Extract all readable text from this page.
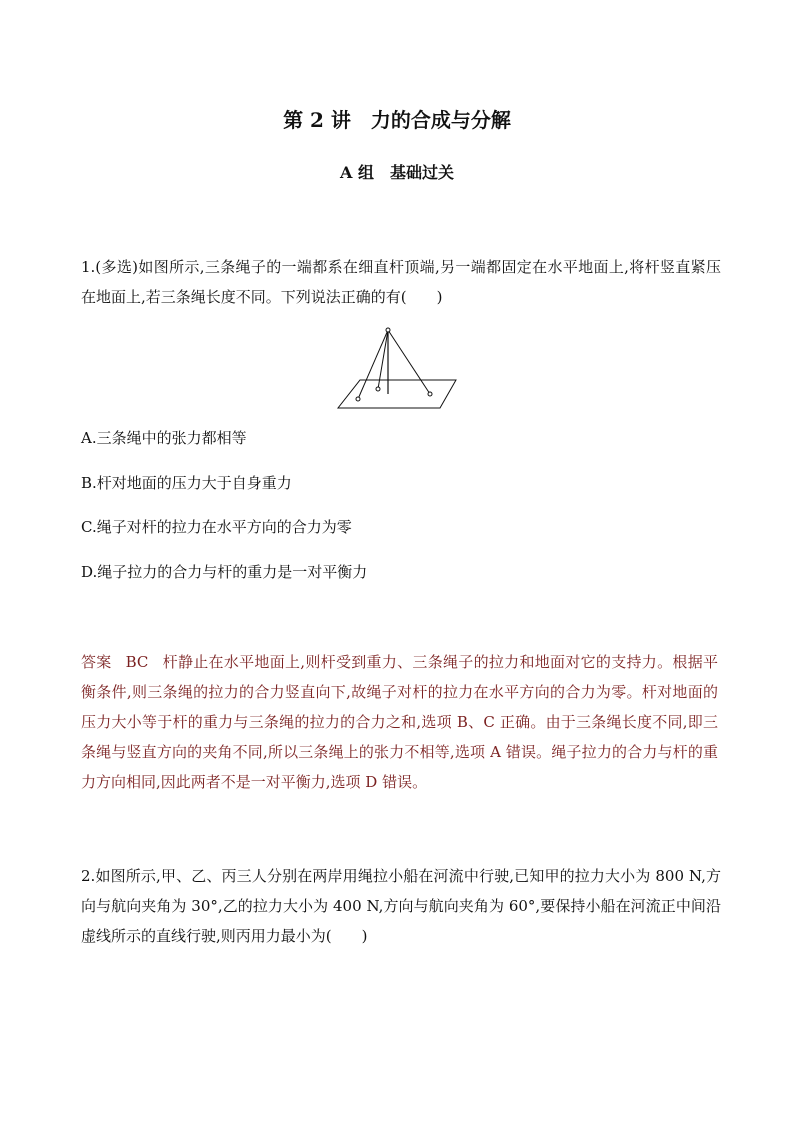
第 2 讲　力的合成与分解
A 组　基础过关

1.(多选)如图所示,三条绳子的一端都系在细直杆顶端,另一端都固定在水平地面上,将杆竖直紧压在地面上,若三条绳长度不同。下列说法正确的有(　　)

A.三条绳中的张力都相等
B.杆对地面的压力大于自身重力
C.绳子对杆的拉力在水平方向的合力为零
D.绳子拉力的合力与杆的重力是一对平衡力

答案 BC 杆静止在水平地面上,则杆受到重力、三条绳子的拉力和地面对它的支持力。根据平衡条件,则三条绳的拉力的合力竖直向下,故绳子对杆的拉力在水平方向的合力为零。杆对地面的压力大小等于杆的重力与三条绳的拉力的合力之和,选项 B、C 正确。由于三条绳长度不同,即三条绳与竖直方向的夹角不同,所以三条绳上的张力不相等,选项 A 错误。绳子拉力的合力与杆的重力方向相同,因此两者不是一对平衡力,选项 D 错误。

2.如图所示,甲、乙、丙三人分别在两岸用绳拉小船在河流中行驶,已知甲的拉力大小为 800 N,方向与航向夹角为 30°,乙的拉力大小为 400 N,方向与航向夹角为 60°,要保持小船在河流正中间沿虚线所示的直线行驶,则丙用力最小为(　　)
